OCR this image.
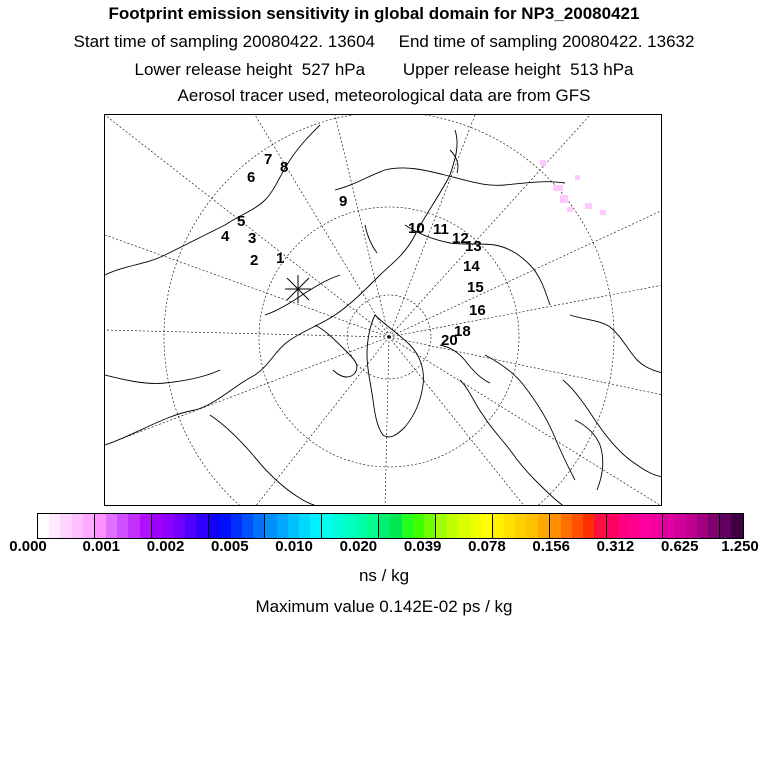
Footprint emission sensitivity in global domain for NP3_20080421
Start time of sampling 20080422. 13604     End time of sampling 20080422. 13632
Lower release height  527 hPa        Upper release height  513 hPa
Aerosol tracer used, meteorological data are from GFS
1
2
3
4
5
6
7 8
9
10 11
12
13
14
15
16
18
20
0.000 0.001 0.002 0.005 0.010 0.020 0.039 0.078 0.156 0.312 0.625 1.250
ns / kg
Maximum value 0.142E-02 ps / kg
